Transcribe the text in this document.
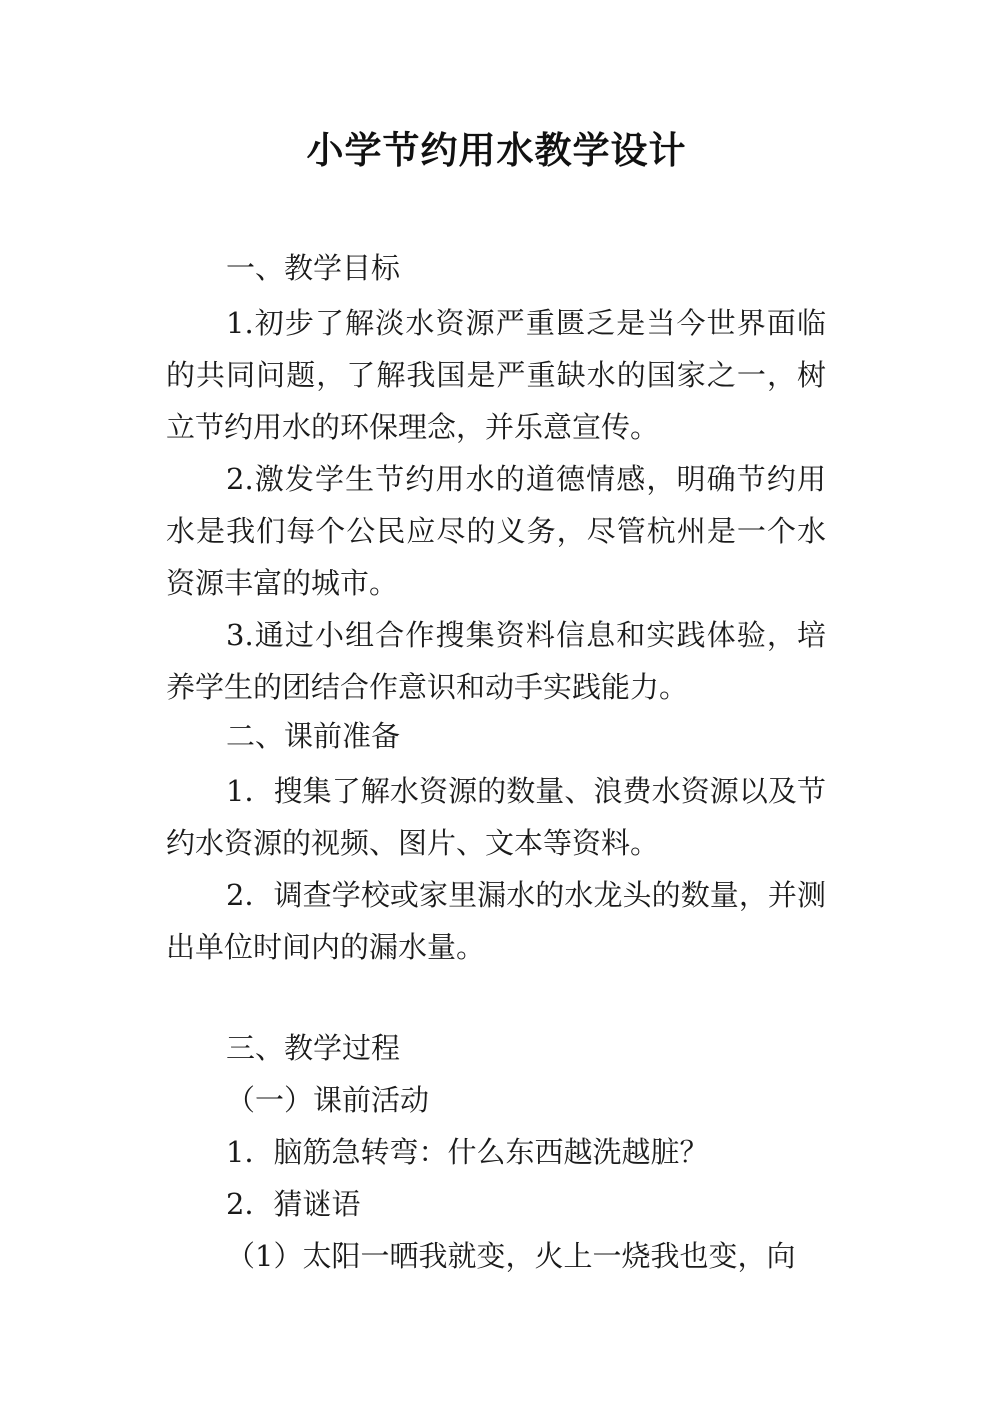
小学节约用水教学设计
一、教学目标

1.初步了解淡水资源严重匮乏是当今世界面临的共同问题，了解我国是严重缺水的国家之一，树立节约用水的环保理念，并乐意宣传。

2.激发学生节约用水的道德情感，明确节约用水是我们每个公民应尽的义务，尽管杭州是一个水资源丰富的城市。

3.通过小组合作搜集资料信息和实践体验，培养学生的团结合作意识和动手实践能力。

二、课前准备

1．搜集了解水资源的数量、浪费水资源以及节约水资源的视频、图片、文本等资料。

2．调查学校或家里漏水的水龙头的数量，并测出单位时间内的漏水量。

三、教学过程
（一）课前活动
1．脑筋急转弯：什么东西越洗越脏？
2．猜谜语
（1）太阳一晒我就变，火上一烧我也变，向
